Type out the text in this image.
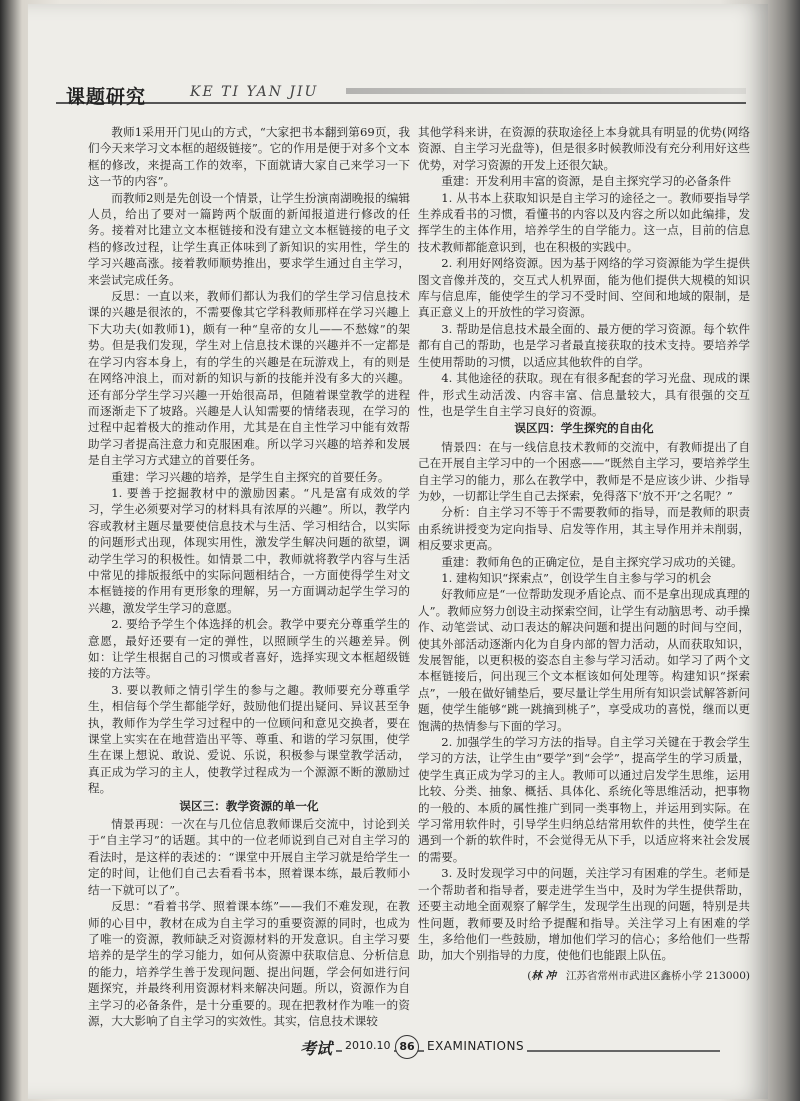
课题研究	KE TI YAN JIU

教师1采用开门见山的方式，“大家把书本翻到第69页，我们今天来学习文本框的超级链接”。它的作用是便于对多个文本框的修改，来提高工作的效率，下面就请大家自己来学习一下这一节的内容”。

而教师2则是先创设一个情景，让学生扮演南湖晚报的编辑人员，给出了要对一篇跨两个版面的新闻报道进行修改的任务。接着对比建立文本框链接和没有建立文本框链接的电子文档的修改过程，让学生真正体味到了新知识的实用性，学生的学习兴趣高涨。接着教师顺势推出，要求学生通过自主学习，来尝试完成任务。

反思：一直以来，教师们都认为我们的学生学习信息技术课的兴趣是很浓的，不需要像其它学科教师那样在学习兴趣上下大功夫(如教师1)，颇有一种“皇帝的女儿——不愁嫁”的架势。但是我们发现，学生对上信息技术课的兴趣并不一定都是在学习内容本身上，有的学生的兴趣是在玩游戏上，有的则是在网络冲浪上，而对新的知识与新的技能并没有多大的兴趣。还有部分学生学习兴趣一开始很高昂，但随着课堂教学的进程而逐渐走下了坡路。兴趣是人认知需要的情绪表现，在学习的过程中起着极大的推动作用，尤其是在自主性学习中能有效帮助学习者提高注意力和克服困难。所以学习兴趣的培养和发展是自主学习方式建立的首要任务。

重建：学习兴趣的培养，是学生自主探究的首要任务。

1. 要善于挖掘教材中的激励因素。“凡是富有成效的学习，学生必须要对学习的材料具有浓厚的兴趣”。所以，教学内容或教材主题尽量要使信息技术与生活、学习相结合，以实际的问题形式出现，体现实用性，激发学生解决问题的欲望，调动学生学习的积极性。如情景二中，教师就将教学内容与生活中常见的排版报纸中的实际问题相结合，一方面使得学生对文本框链接的作用有更形象的理解，另一方面调动起学生学习的兴趣，激发学生学习的意愿。

2. 要给予学生个体选择的机会。教学中要充分尊重学生的意愿，最好还要有一定的弹性，以照顾学生的兴趣差异。例如：让学生根据自己的习惯或者喜好，选择实现文本框超级链接的方法等。

3. 要以教师之情引学生的参与之趣。教师要充分尊重学生，相信每个学生都能学好，鼓励他们提出疑问、异议甚至争执，教师作为学生学习过程中的一位顾问和意见交换者，要在课堂上实实在在地营造出平等、尊重、和谐的学习氛围，使学生在课上想说、敢说、爱说、乐说，积极参与课堂教学活动，真正成为学习的主人，使教学过程成为一个源源不断的激励过程。

误区三：教学资源的单一化

情景再现：一次在与几位信息教师课后交流中，讨论到关于“自主学习”的话题。其中的一位老师说到自己对自主学习的看法时，是这样的表述的：“课堂中开展自主学习就是给学生一定的时间，让他们自己去看看书本，照着课本练，最后教师小结一下就可以了”。

反思：“看着书学、照着课本练”——我们不难发现，在教师的心目中，教材在成为自主学习的重要资源的同时，也成为了唯一的资源，教师缺乏对资源材料的开发意识。自主学习要培养的是学生的学习能力，如何从资源中获取信息、分析信息的能力，培养学生善于发现问题、提出问题，学会何如进行问题探究，并最终利用资源材料来解决问题。所以，资源作为自主学习的必备条件，是十分重要的。现在把教材作为唯一的资源，大大影响了自主学习的实效性。其实，信息技术课较

其他学科来讲，在资源的获取途径上本身就具有明显的优势(网络资源、自主学习光盘等)，但是很多时候教师没有充分利用好这些优势，对学习资源的开发上还很欠缺。

重建：开发利用丰富的资源，是自主探究学习的必备条件

1. 从书本上获取知识是自主学习的途径之一。教师要指导学生养成看书的习惯，看懂书的内容以及内容之所以如此编排，发挥学生的主体作用，培养学生的自学能力。这一点，目前的信息技术教师都能意识到，也在积极的实践中。

2. 利用好网络资源。因为基于网络的学习资源能为学生提供图文音像并茂的，交互式人机界面，能为他们提供大规模的知识库与信息库，能使学生的学习不受时间、空间和地域的限制，是真正意义上的开放性的学习资源。

3. 帮助是信息技术最全面的、最方便的学习资源。每个软件都有自己的帮助，也是学习者最直接获取的技术支持。要培养学生使用帮助的习惯，以适应其他软件的自学。

4. 其他途径的获取。现在有很多配套的学习光盘、现成的课件，形式生动活泼、内容丰富、信息量较大，具有很强的交互性，也是学生自主学习良好的资源。

误区四：学生探究的自由化

情景四：在与一线信息技术教师的交流中，有教师提出了自己在开展自主学习中的一个困惑——“既然自主学习，要培养学生自主学习的能力，那么在教学中，教师是不是应该少讲、少指导为妙，一切都让学生自己去探索，免得落下‘放不开’之名呢？”

分析：自主学习不等于不需要教师的指导，而是教师的职责由系统讲授变为定向指导、启发等作用，其主导作用并未削弱，相反要求更高。

重建：教师角色的正确定位，是自主探究学习成功的关键。

1. 建构知识“探索点”，创设学生自主参与学习的机会

好教师应是“一位帮助发现矛盾论点、而不是拿出现成真理的人”。教师应努力创设主动探索空间，让学生有动脑思考、动手操作、动笔尝试、动口表达的解决问题和提出问题的时间与空间，使其外部活动逐渐内化为自身内部的智力活动，从而获取知识，发展智能，以更积极的姿态自主参与学习活动。如学习了两个文本框链接后，问出现三个文本框该如何处理等。构建知识“探索点”，一般在做好铺垫后，要尽量让学生用所有知识尝试解答新问题，使学生能够“跳一跳摘到桃子”，享受成功的喜悦，继而以更饱满的热情参与下面的学习。

2. 加强学生的学习方法的指导。自主学习关键在于教会学生学习的方法，让学生由“要学”到“会学”，提高学生的学习质量，使学生真正成为学习的主人。教师可以通过启发学生思维，运用比较、分类、抽象、概括、具体化、系统化等思维活动，把事物的一般的、本质的属性推广到同一类事物上，并运用到实际。在学习常用软件时，引导学生归纳总结常用软件的共性，使学生在遇到一个新的软件时，不会觉得无从下手，以适应将来社会发展的需要。

3. 及时发现学习中的问题，关注学习有困难的学生。老师是一个帮助者和指导者，要走进学生当中，及时为学生提供帮助，还要主动地全面观察了解学生，发现学生出现的问题，特别是共性问题，教师要及时给予提醒和指导。关注学习上有困难的学生，多给他们一些鼓励，增加他们学习的信心；多给他们一些帮助，加大个别指导的力度，使他们也能跟上队伍。

(林 冲 江苏省常州市武进区鑫桥小学 213000)
考试	2010.10 86	EXAMINATIONS
